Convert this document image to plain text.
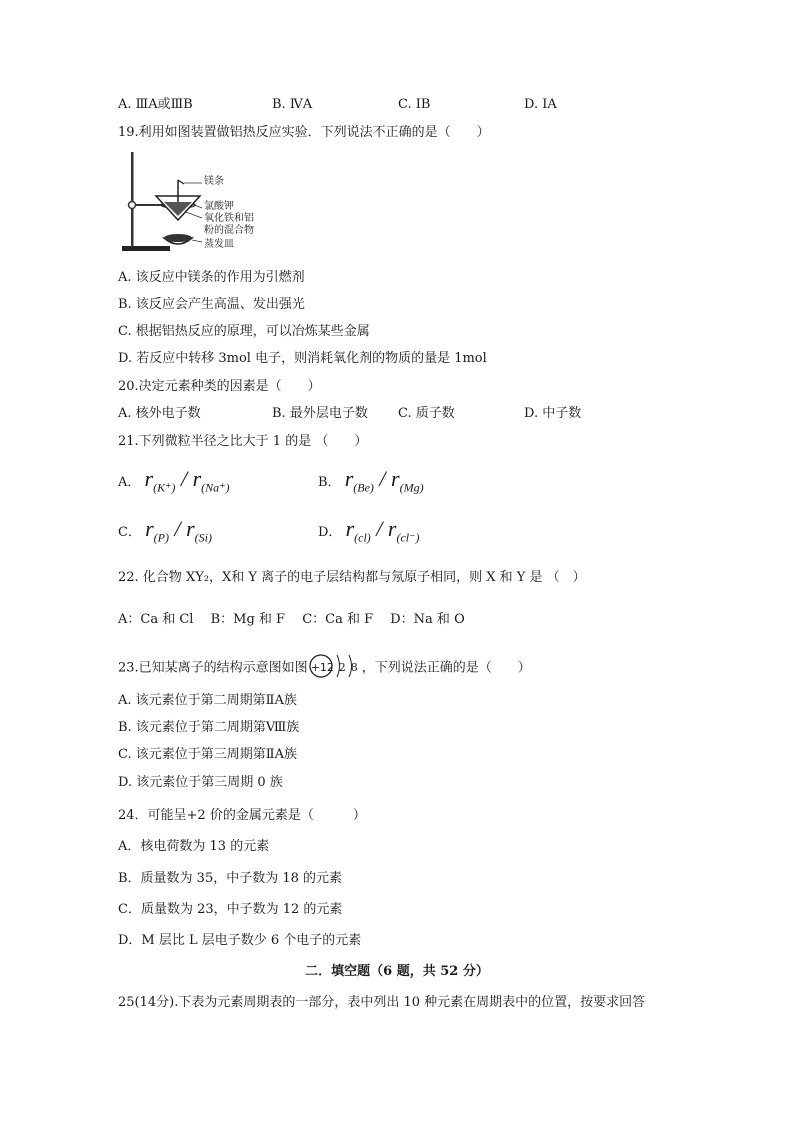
A. ⅢA或ⅢB	B. ⅣA	C. ⅠB	D. ⅠA
19.利用如图装置做铝热反应实验．下列说法不正确的是（　　）
镁条
氯酸钾
氧化铁和铝
粉的混合物
蒸发皿
A. 该反应中镁条的作用为引燃剂
B. 该反应会产生高温、发出强光
C. 根据铝热反应的原理，可以冶炼某些金属
D. 若反应中转移 3mol 电子，则消耗氧化剂的物质的量是 1mol
20.决定元素种类的因素是（　　）
A. 核外电子数	B. 最外层电子数 C. 质子数	D. 中子数
21.下列微粒半径之比大于 1 的是 （　　）
A． $r_{(K^+)} / r_{(Na^+)}$	B． $r_{(Be)} / r_{(Mg)}$
C． $r_{(P)} / r_{(Si)}$	D． $r_{(cl)} / r_{(cl^-)}$
22. 化合物 XY₂，X和 Y 离子的电子层结构都与氖原子相同，则 X 和 Y 是 （　）
A：Ca 和 Cl　 B：Mg 和 F　 C：Ca 和 F　 D：Na 和 O
23.已知某离子的结构示意图如图 +12 2 8 ，下列说法正确的是（　　）
A. 该元素位于第二周期第ⅡA族
B. 该元素位于第二周期第Ⅷ族
C. 该元素位于第三周期第ⅡA族
D. 该元素位于第三周期 0 族
24．可能呈+2 价的金属元素是（　　　）
A．核电荷数为 13 的元素
B．质量数为 35，中子数为 18 的元素
C．质量数为 23，中子数为 12 的元素
D．M 层比 L 层电子数少 6 个电子的元素
二．填空题（6 题，共 52 分）
25(14分).下表为元素周期表的一部分，表中列出 10 种元素在周期表中的位置，按要求回答
